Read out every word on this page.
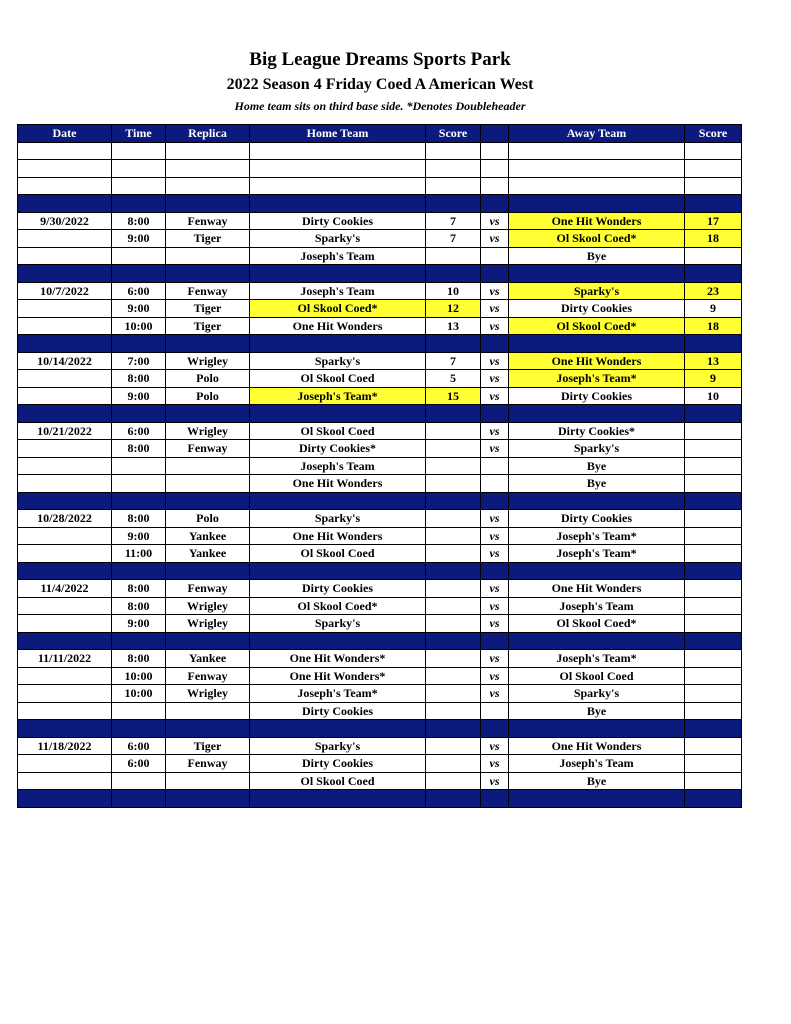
Big League Dreams Sports Park
2022 Season 4 Friday Coed A American West
Home team sits on third base side. *Denotes Doubleheader
Date	Time	Replica	Home Team	Score		Away Team	Score

9/30/2022	8:00	Fenway	Dirty Cookies	7	vs	One Hit Wonders	17
	9:00	Tiger	Sparky's	7	vs	Ol Skool Coed*	18
			Joseph's Team			Bye	

10/7/2022	6:00	Fenway	Joseph's Team	10	vs	Sparky's	23
	9:00	Tiger	Ol Skool Coed*	12	vs	Dirty Cookies	9
	10:00	Tiger	One Hit Wonders	13	vs	Ol Skool Coed*	18

10/14/2022	7:00	Wrigley	Sparky's	7	vs	One Hit Wonders	13
	8:00	Polo	Ol Skool Coed	5	vs	Joseph's Team*	9
	9:00	Polo	Joseph's Team*	15	vs	Dirty Cookies	10

10/21/2022	6:00	Wrigley	Ol Skool Coed		vs	Dirty Cookies*	
	8:00	Fenway	Dirty Cookies*		vs	Sparky's	
			Joseph's Team			Bye	
			One Hit Wonders			Bye	

10/28/2022	8:00	Polo	Sparky's		vs	Dirty Cookies	
	9:00	Yankee	One Hit Wonders		vs	Joseph's Team*	
	11:00	Yankee	Ol Skool Coed		vs	Joseph's Team*	

11/4/2022	8:00	Fenway	Dirty Cookies		vs	One Hit Wonders	
	8:00	Wrigley	Ol Skool Coed*		vs	Joseph's Team	
	9:00	Wrigley	Sparky's		vs	Ol Skool Coed*	

11/11/2022	8:00	Yankee	One Hit Wonders*		vs	Joseph's Team*	
	10:00	Fenway	One Hit Wonders*		vs	Ol Skool Coed	
	10:00	Wrigley	Joseph's Team*		vs	Sparky's	
			Dirty Cookies			Bye	

11/18/2022	6:00	Tiger	Sparky's		vs	One Hit Wonders	
	6:00	Fenway	Dirty Cookies		vs	Joseph's Team	
			Ol Skool Coed		vs	Bye	
